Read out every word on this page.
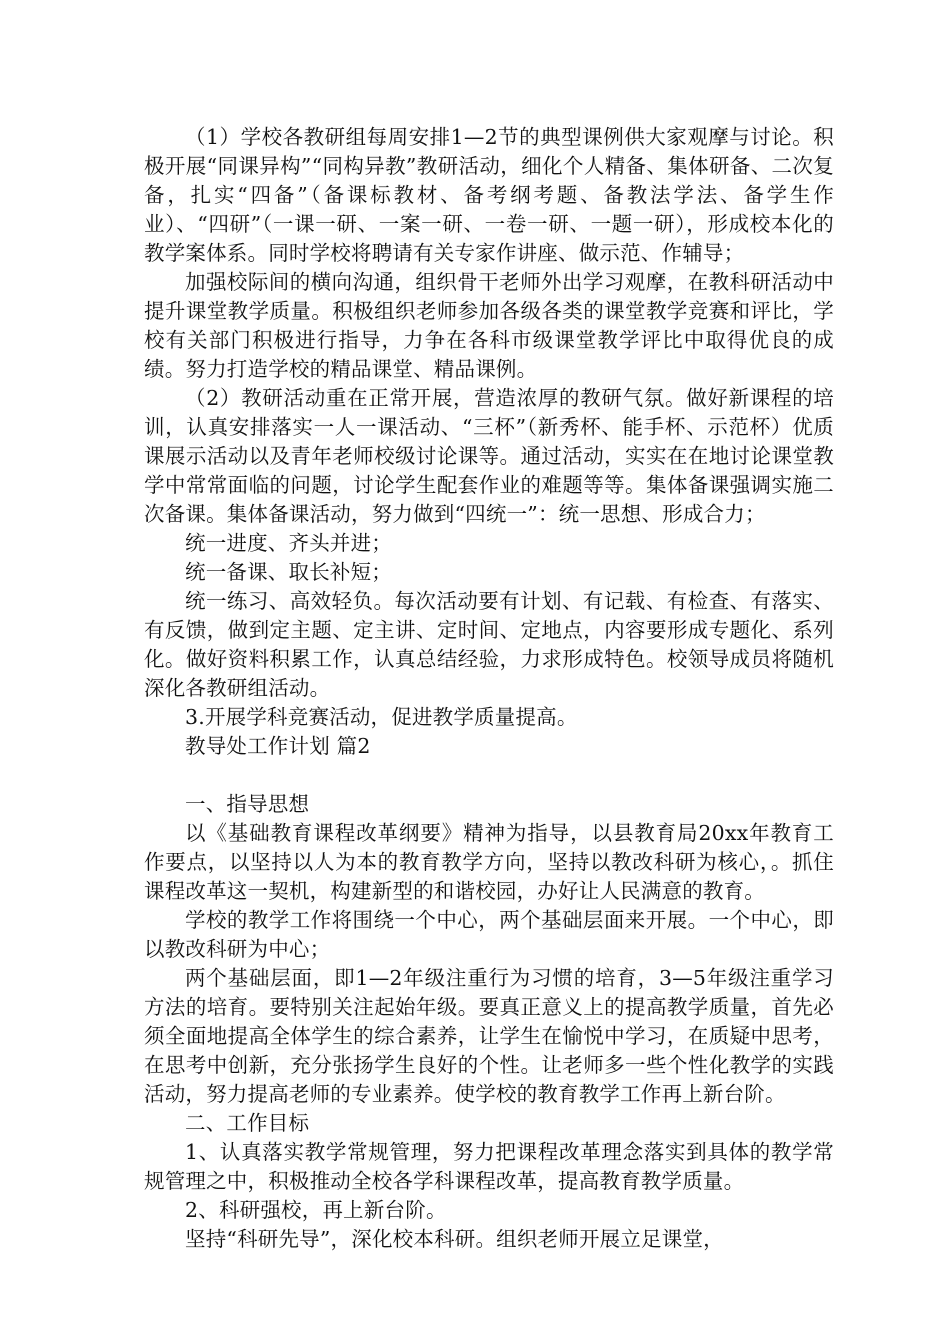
（1）学校各教研组每周安排1—2节的典型课例供大家观摩与讨论。积极开展“同课异构”“同构异教”教研活动，细化个人精备、集体研备、二次复备，扎实“四备”（备课标教材、备考纲考题、备教法学法、备学生作业）、“四研”（一课一研、一案一研、一卷一研、一题一研），形成校本化的教学案体系。同时学校将聘请有关专家作讲座、做示范、作辅导；

加强校际间的横向沟通，组织骨干老师外出学习观摩，在教科研活动中提升课堂教学质量。积极组织老师参加各级各类的课堂教学竞赛和评比，学校有关部门积极进行指导，力争在各科市级课堂教学评比中取得优良的成绩。努力打造学校的精品课堂、精品课例。

（2）教研活动重在正常开展，营造浓厚的教研气氛。做好新课程的培训，认真安排落实一人一课活动、“三杯”（新秀杯、能手杯、示范杯）优质课展示活动以及青年老师校级讨论课等。通过活动，实实在在地讨论课堂教学中常常面临的问题，讨论学生配套作业的难题等等。集体备课强调实施二次备课。集体备课活动，努力做到“四统一”：统一思想、形成合力；

统一进度、齐头并进；

统一备课、取长补短；

统一练习、高效轻负。每次活动要有计划、有记载、有检查、有落实、有反馈，做到定主题、定主讲、定时间、定地点，内容要形成专题化、系列化。做好资料积累工作，认真总结经验，力求形成特色。校领导成员将随机深化各教研组活动。

3.开展学科竞赛活动，促进教学质量提高。

教导处工作计划 篇2

一、指导思想

以《基础教育课程改革纲要》精神为指导，以县教育局20xx年教育工作要点，以坚持以人为本的教育教学方向，坚持以教改科研为核心，。抓住课程改革这一契机，构建新型的和谐校园，办好让人民满意的教育。

学校的教学工作将围绕一个中心，两个基础层面来开展。一个中心，即以教改科研为中心；

两个基础层面，即1—2年级注重行为习惯的培育，3—5年级注重学习方法的培育。要特别关注起始年级。要真正意义上的提高教学质量，首先必须全面地提高全体学生的综合素养，让学生在愉悦中学习，在质疑中思考，在思考中创新，充分张扬学生良好的个性。让老师多一些个性化教学的实践活动，努力提高老师的专业素养。使学校的教育教学工作再上新台阶。

二、工作目标

1、认真落实教学常规管理，努力把课程改革理念落实到具体的教学常规管理之中，积极推动全校各学科课程改革，提高教育教学质量。

2、科研强校，再上新台阶。

坚持“科研先导”，深化校本科研。组织老师开展立足课堂，
